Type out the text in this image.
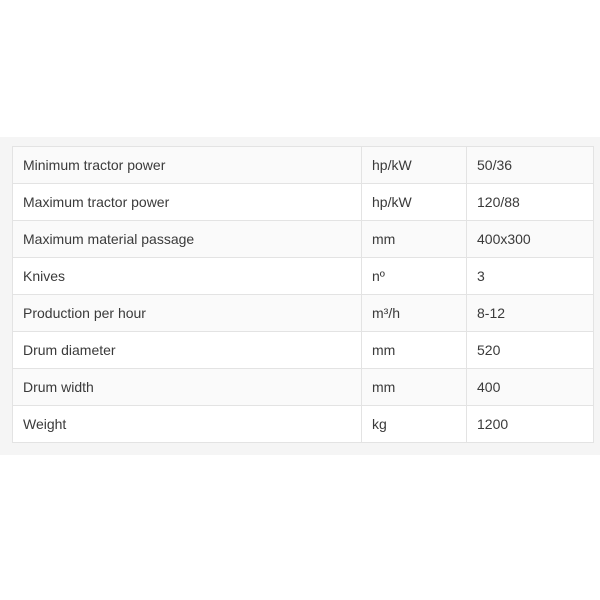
Minimum tractor power	hp/kW	50/36
Maximum tractor power	hp/kW	120/88
Maximum material passage	mm	400x300
Knives	nº	3
Production per hour	m³/h	8-12
Drum diameter	mm	520
Drum width	mm	400
Weight	kg	1200
